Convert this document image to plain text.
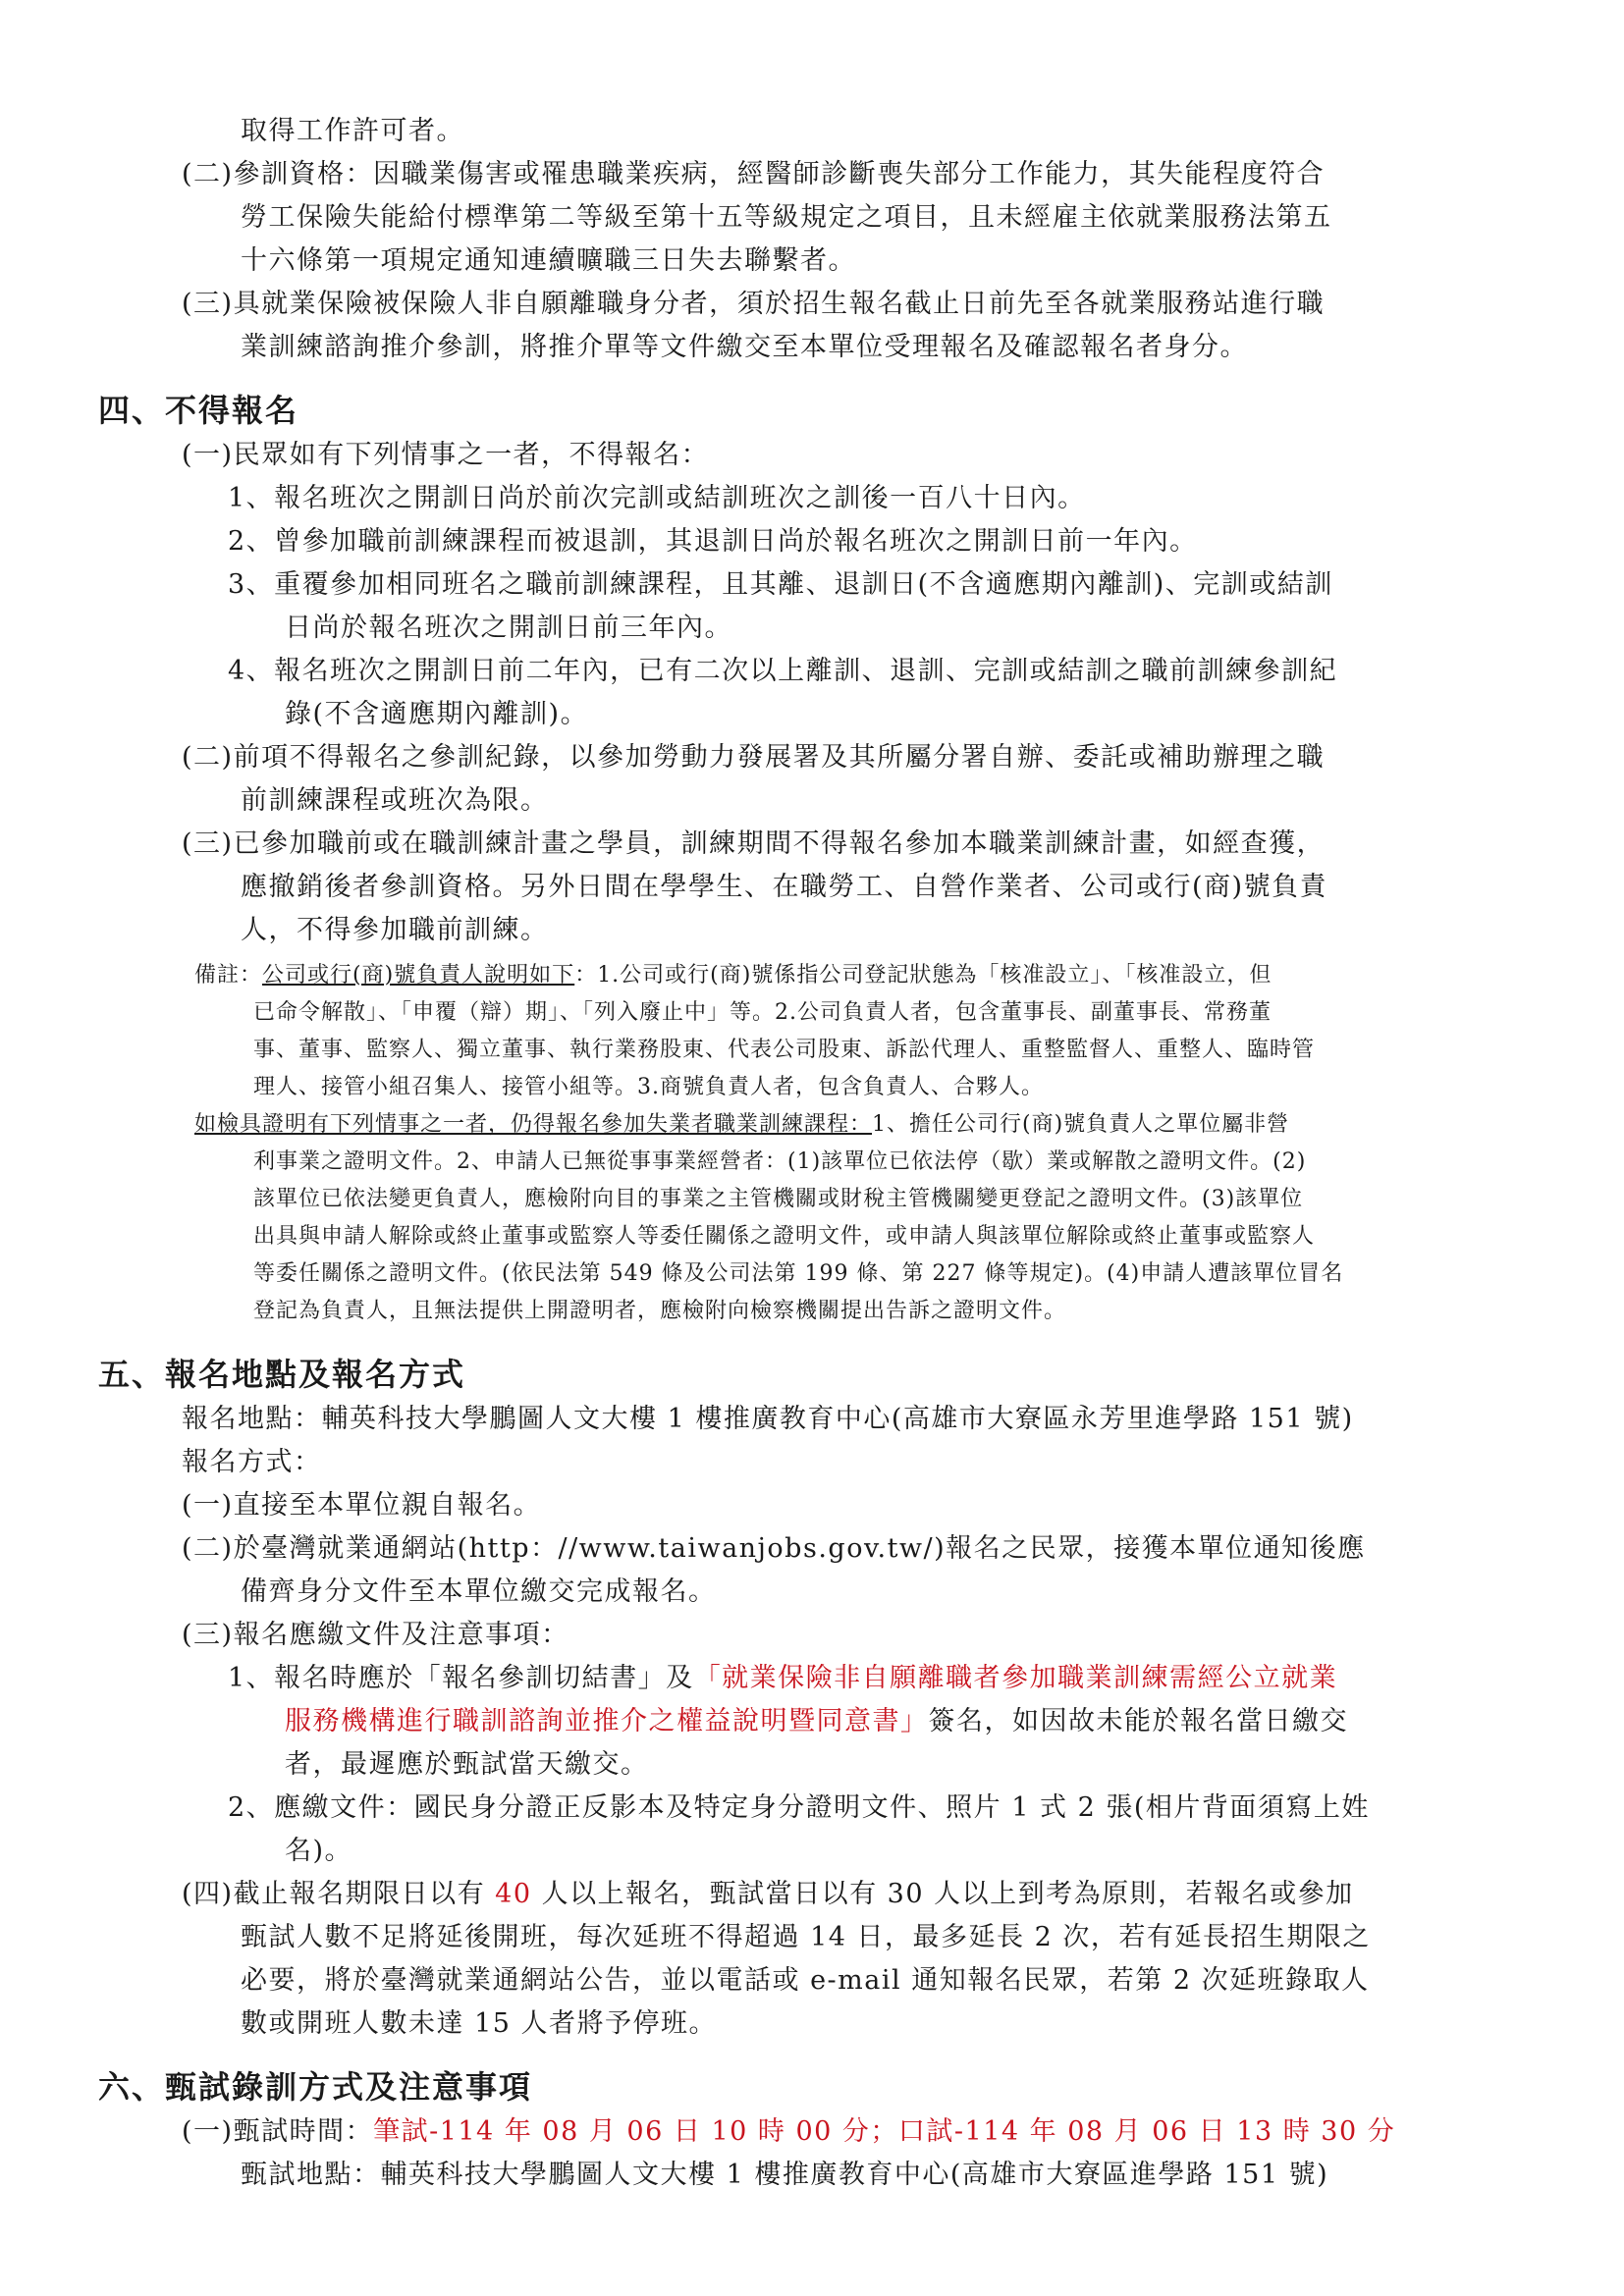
取得工作許可者。

(二)參訓資格：因職業傷害或罹患職業疾病，經醫師診斷喪失部分工作能力，其失能程度符合

勞工保險失能給付標準第二等級至第十五等級規定之項目，且未經雇主依就業服務法第五

十六條第一項規定通知連續曠職三日失去聯繫者。

(三)具就業保險被保險人非自願離職身分者，須於招生報名截止日前先至各就業服務站進行職

業訓練諮詢推介參訓，將推介單等文件繳交至本單位受理報名及確認報名者身分。

四、不得報名

(一)民眾如有下列情事之一者，不得報名：

1、報名班次之開訓日尚於前次完訓或結訓班次之訓後一百八十日內。

2、曾參加職前訓練課程而被退訓，其退訓日尚於報名班次之開訓日前一年內。

3、重覆參加相同班名之職前訓練課程，且其離、退訓日(不含適應期內離訓)、完訓或結訓

日尚於報名班次之開訓日前三年內。

4、報名班次之開訓日前二年內，已有二次以上離訓、退訓、完訓或結訓之職前訓練參訓紀

錄(不含適應期內離訓)。

(二)前項不得報名之參訓紀錄，以參加勞動力發展署及其所屬分署自辦、委託或補助辦理之職

前訓練課程或班次為限。

(三)已參加職前或在職訓練計畫之學員，訓練期間不得報名參加本職業訓練計畫，如經查獲，

應撤銷後者參訓資格。另外日間在學學生、在職勞工、自營作業者、公司或行(商)號負責

人，不得參加職前訓練。

備註：公司或行(商)號負責人說明如下：1.公司或行(商)號係指公司登記狀態為「核准設立」、「核准設立，但

已命令解散」、「申覆（辯）期」、「列入廢止中」等。2.公司負責人者，包含董事長、副董事長、常務董

事、董事、監察人、獨立董事、執行業務股東、代表公司股東、訴訟代理人、重整監督人、重整人、臨時管

理人、接管小組召集人、接管小組等。3.商號負責人者，包含負責人、合夥人。

如檢具證明有下列情事之一者，仍得報名參加失業者職業訓練課程：1、擔任公司行(商)號負責人之單位屬非營

利事業之證明文件。2、申請人已無從事事業經營者：(1)該單位已依法停（歇）業或解散之證明文件。(2)

該單位已依法變更負責人，應檢附向目的事業之主管機關或財稅主管機關變更登記之證明文件。(3)該單位

出具與申請人解除或終止董事或監察人等委任關係之證明文件，或申請人與該單位解除或終止董事或監察人

等委任關係之證明文件。(依民法第 549 條及公司法第 199 條、第 227 條等規定)。(4)申請人遭該單位冒名

登記為負責人，且無法提供上開證明者，應檢附向檢察機關提出告訴之證明文件。

五、報名地點及報名方式

報名地點：輔英科技大學鵬圖人文大樓 1 樓推廣教育中心(高雄市大寮區永芳里進學路 151 號)

報名方式：

(一)直接至本單位親自報名。

(二)於臺灣就業通網站(http：//www.taiwanjobs.gov.tw/)報名之民眾，接獲本單位通知後應

備齊身分文件至本單位繳交完成報名。

(三)報名應繳文件及注意事項：

1、報名時應於「報名參訓切結書」及「就業保險非自願離職者參加職業訓練需經公立就業

服務機構進行職訓諮詢並推介之權益說明暨同意書」簽名，如因故未能於報名當日繳交

者，最遲應於甄試當天繳交。

2、應繳文件：國民身分證正反影本及特定身分證明文件、照片 1 式 2 張(相片背面須寫上姓

名)。

(四)截止報名期限日以有 40 人以上報名，甄試當日以有 30 人以上到考為原則，若報名或參加

甄試人數不足將延後開班，每次延班不得超過 14 日，最多延長 2 次，若有延長招生期限之

必要，將於臺灣就業通網站公告，並以電話或 e-mail 通知報名民眾，若第 2 次延班錄取人

數或開班人數未達 15 人者將予停班。

六、甄試錄訓方式及注意事項

(一)甄試時間：筆試-114 年 08 月 06 日 10 時 00 分；口試-114 年 08 月 06 日 13 時 30 分

甄試地點：輔英科技大學鵬圖人文大樓 1 樓推廣教育中心(高雄市大寮區進學路 151 號)
